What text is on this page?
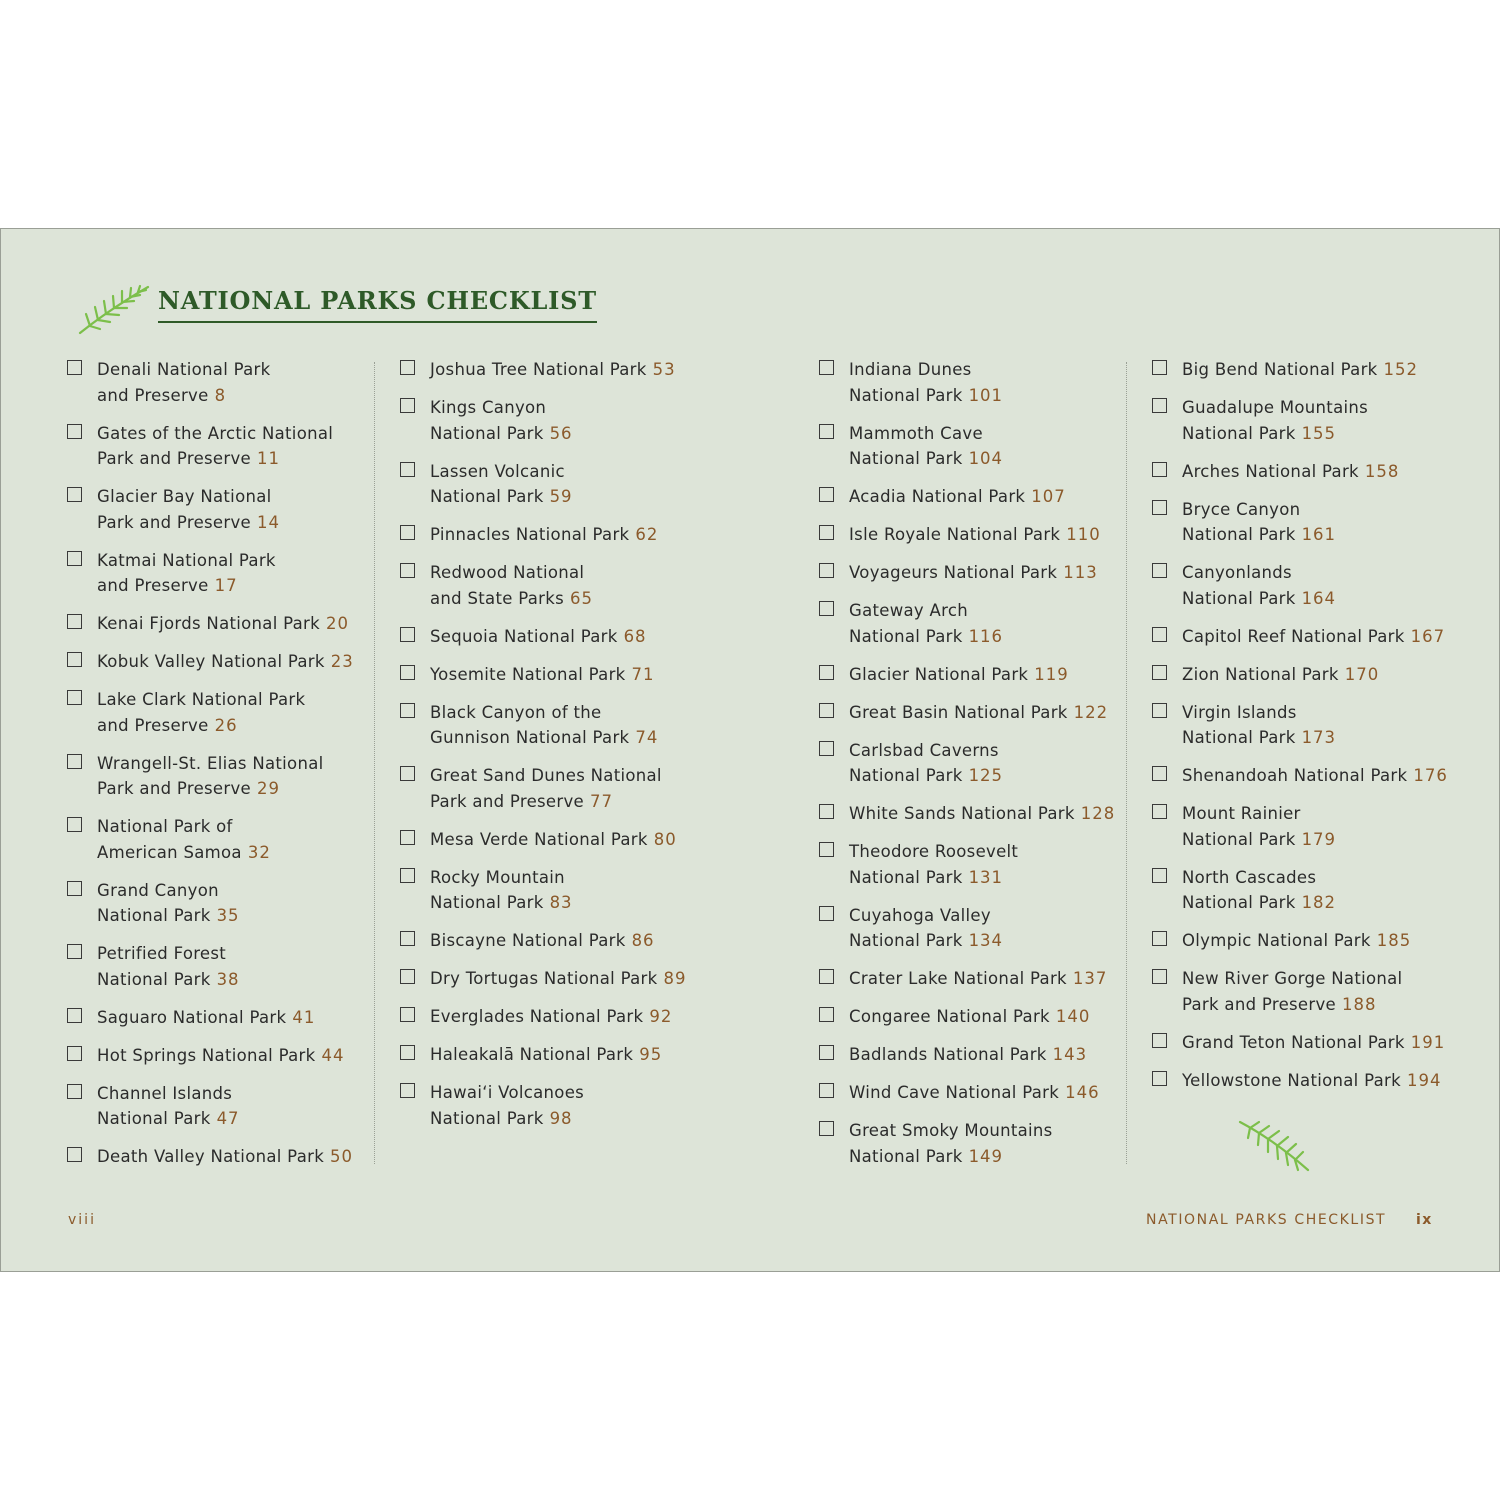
NATIONAL PARKS CHECKLIST
Denali National Park
and Preserve 8
Gates of the Arctic National
Park and Preserve 11
Glacier Bay National
Park and Preserve 14
Katmai National Park
and Preserve 17
Kenai Fjords National Park 20
Kobuk Valley National Park 23
Lake Clark National Park
and Preserve 26
Wrangell-St. Elias National
Park and Preserve 29
National Park of
American Samoa 32
Grand Canyon
National Park 35
Petrified Forest
National Park 38
Saguaro National Park 41
Hot Springs National Park 44
Channel Islands
National Park 47
Death Valley National Park 50
Joshua Tree National Park 53
Kings Canyon
National Park 56
Lassen Volcanic
National Park 59
Pinnacles National Park 62
Redwood National
and State Parks 65
Sequoia National Park 68
Yosemite National Park 71
Black Canyon of the
Gunnison National Park 74
Great Sand Dunes National
Park and Preserve 77
Mesa Verde National Park 80
Rocky Mountain
National Park 83
Biscayne National Park 86
Dry Tortugas National Park 89
Everglades National Park 92
Haleakalā National Park 95
Hawai‘i Volcanoes
National Park 98
Indiana Dunes
National Park 101
Mammoth Cave
National Park 104
Acadia National Park 107
Isle Royale National Park 110
Voyageurs National Park 113
Gateway Arch
National Park 116
Glacier National Park 119
Great Basin National Park 122
Carlsbad Caverns
National Park 125
White Sands National Park 128
Theodore Roosevelt
National Park 131
Cuyahoga Valley
National Park 134
Crater Lake National Park 137
Congaree National Park 140
Badlands National Park 143
Wind Cave National Park 146
Great Smoky Mountains
National Park 149
Big Bend National Park 152
Guadalupe Mountains
National Park 155
Arches National Park 158
Bryce Canyon
National Park 161
Canyonlands
National Park 164
Capitol Reef National Park 167
Zion National Park 170
Virgin Islands
National Park 173
Shenandoah National Park 176
Mount Rainier
National Park 179
North Cascades
National Park 182
Olympic National Park 185
New River Gorge National
Park and Preserve 188
Grand Teton National Park 191
Yellowstone National Park 194
viii	NATIONAL PARKS CHECKLIST ix
